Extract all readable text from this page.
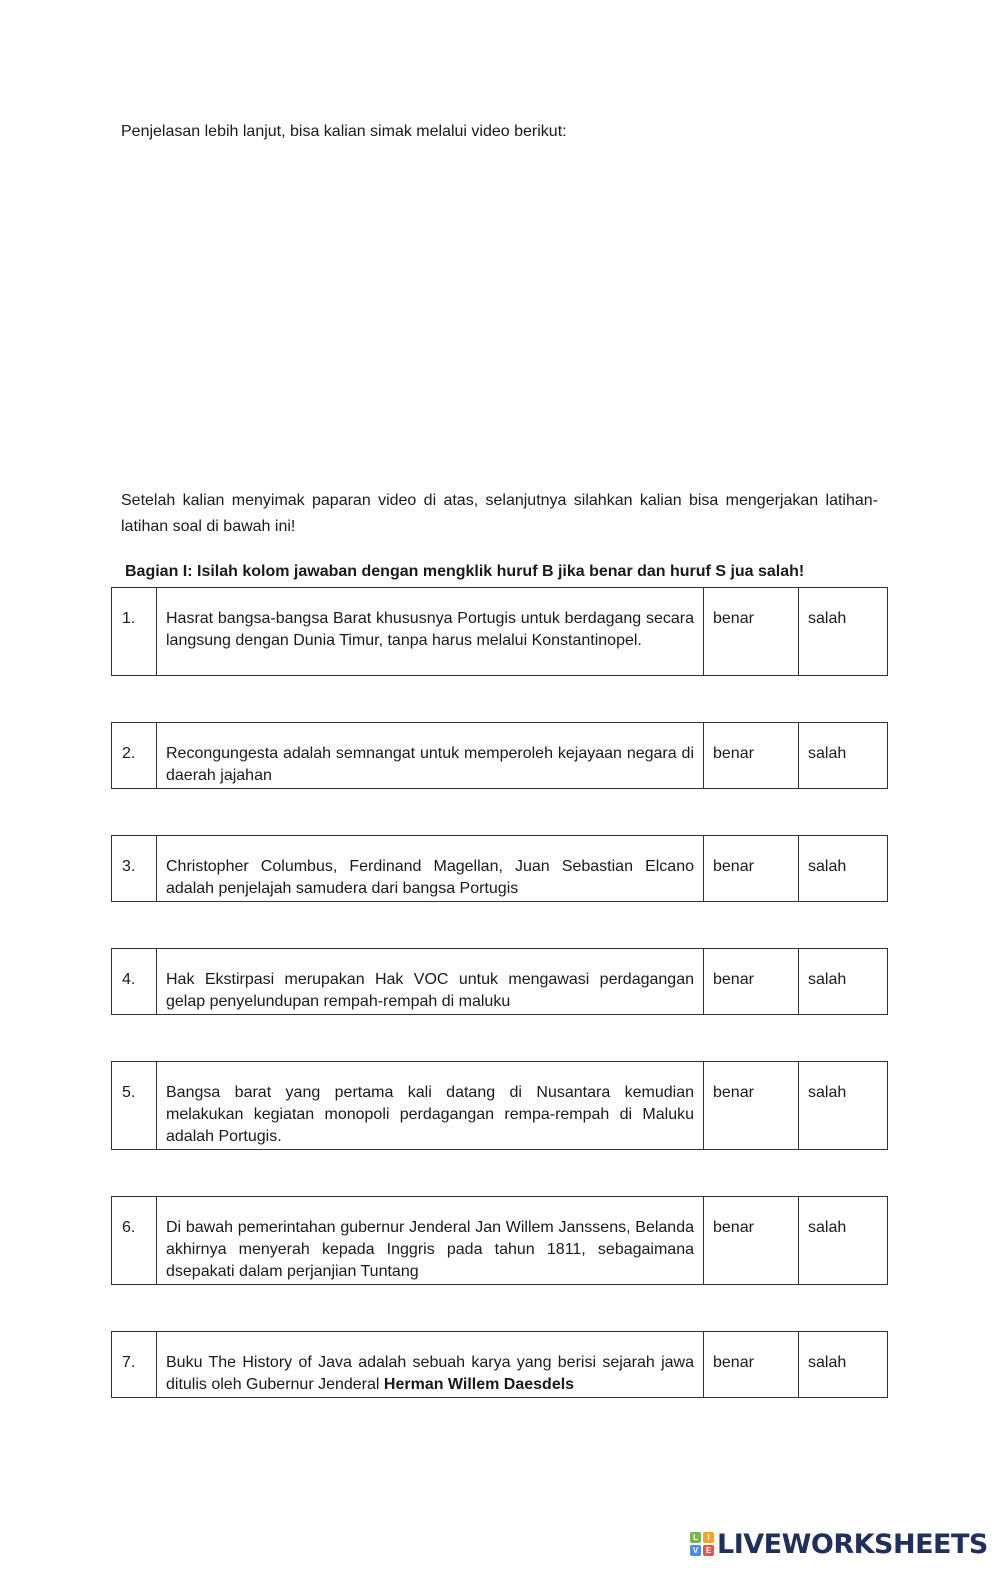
Penjelasan lebih lanjut, bisa kalian simak melalui video berikut:

Setelah kalian menyimak paparan video di atas, selanjutnya silahkan kalian bisa mengerjakan latihan-latihan soal di bawah ini!

Bagian I: Isilah kolom jawaban dengan mengklik huruf B jika benar dan huruf S jua salah!

1.	Hasrat bangsa-bangsa Barat khususnya Portugis untuk berdagang secara langsung dengan Dunia Timur, tanpa harus melalui Konstantinopel.	benar	salah
2.	Recongungesta adalah semnangat untuk memperoleh kejayaan negara di daerah jajahan	benar	salah
3.	Christopher Columbus, Ferdinand Magellan, Juan Sebastian Elcano adalah penjelajah samudera dari bangsa Portugis	benar	salah
4.	Hak Ekstirpasi merupakan Hak VOC untuk mengawasi perdagangan gelap penyelundupan rempah-rempah di maluku	benar	salah
5.	Bangsa barat yang pertama kali datang di Nusantara kemudian melakukan kegiatan monopoli perdagangan rempa-rempah di Maluku adalah Portugis.	benar	salah
6.	Di bawah pemerintahan gubernur Jenderal Jan Willem Janssens, Belanda akhirnya menyerah kepada Inggris pada tahun 1811, sebagaimana dsepakati dalam perjanjian Tuntang	benar	salah
7.	Buku The History of Java adalah sebuah karya yang berisi sejarah jawa ditulis oleh Gubernur Jenderal Herman Willem Daesdels	benar	salah
L	I
V E LIVEWORKSHEETS
